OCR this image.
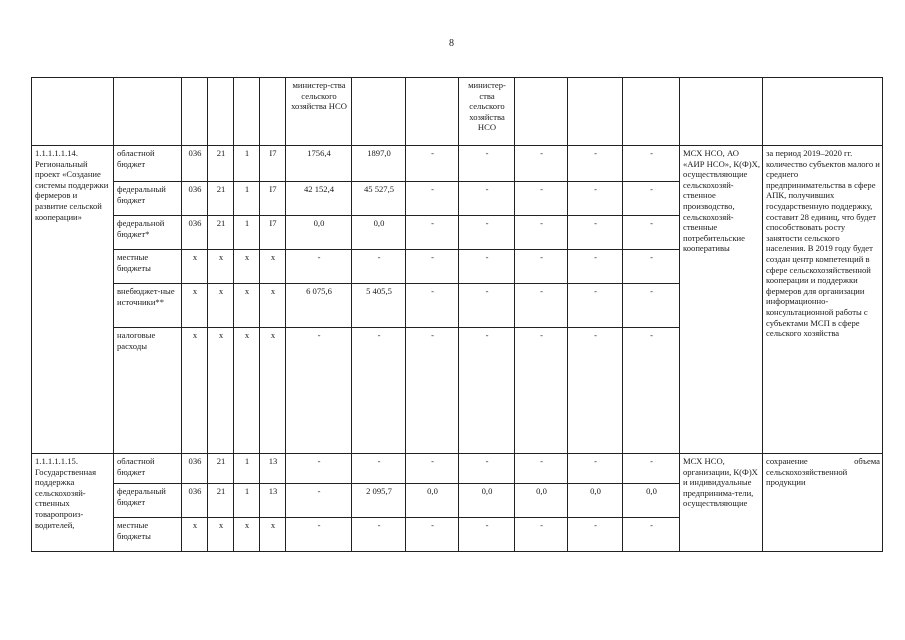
8
						министер-ства сельского хозяйства НСО			министер-ства сельского хозяйства НСО					
1.1.1.1.1.14. Региональный проект «Создание системы поддержки фермеров и развитие сельской кооперации»	областной бюджет	036	21	1	I7	1756,4	1897,0	-	-	-	-	-	МСХ НСО, АО «АИР НСО», К(Ф)Х, осуществляющие сельскохозяй-ственное производство, сельскохозяй-ственные потребительские кооперативы	за период 2019–2020 гг. количество субъектов малого и среднего предпринимательства в сфере АПК, получивших государственную поддержку, составит 28 единиц, что будет способствовать росту занятости сельского населения. В 2019 году будет создан центр компетенций в сфере сельскохозяйственной кооперации и поддержки фермеров для организации информационно-консультационной работы с субъектами МСП в сфере сельского хозяйства
	федеральный бюджет	036	21	1	I7	42 152,4	45 527,5	-	-	-	-	-		
	федеральной бюджет*	036	21	1	I7	0,0	0,0	-	-	-	-	-		
	местные бюджеты	x	x	x	x	-	-	-	-	-	-	-		
	внебюджет-ные источники**	x	x	x	x	6 075,6	5 405,5	-	-	-	-	-		
	налоговые расходы	x	x	x	x	-	-	-	-	-	-	-		
1.1.1.1.1.15. Государственная поддержка сельскохозяй-ственных товаропроиз-водителей,	областной бюджет	036	21	1	13	-	-	-	-	-	-	-	МСХ НСО, организации, К(Ф)Х и индивидуальные предпринима-тели, осуществляющие	сохранение объема сельскохозяйственной продукции
	федеральный бюджет	036	21	1	13	-	2 095,7	0,0	0,0	0,0	0,0	0,0		
	местные бюджеты	x	x	x	x	-	-	-	-	-	-	-		
